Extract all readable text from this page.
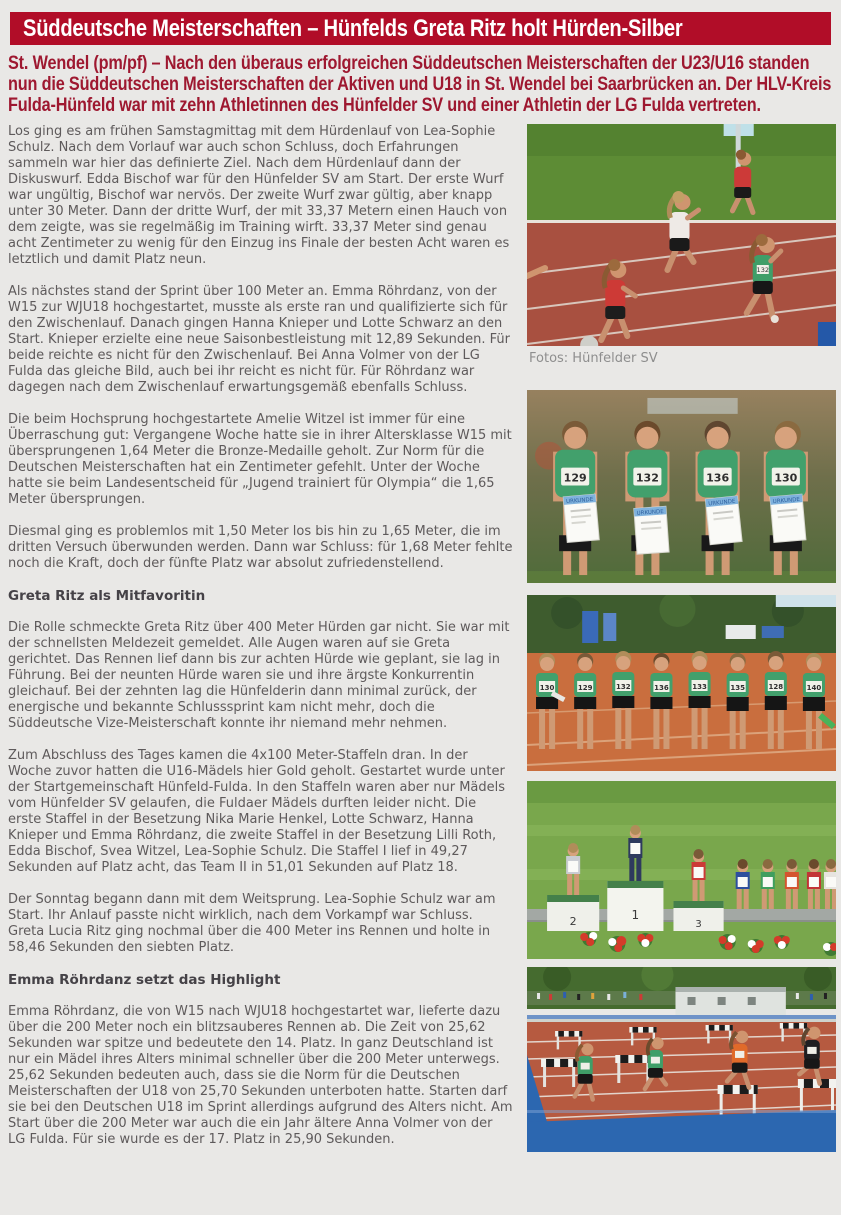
Süddeutsche Meisterschaften – Hünfelds Greta Ritz holt Hürden-Silber
St. Wendel (pm/pf) – Nach den überaus erfolgreichen Süddeutschen Meisterschaften der U23/U16 standen nun die Süddeutschen Meisterschaften der Aktiven und U18 in St. Wendel bei Saarbrücken an. Der HLV-Kreis Fulda-Hünfeld war mit zehn Athletinnen des Hünfelder SV und einer Athletin der LG Fulda vertreten.
132
Fotos: Hünfelder SV
129
URKUNDE
132
URKUNDE
136
URKUNDE
130
URKUNDE
130	129	132	136	133	135	128	140
2	1
3

Los ging es am frühen Samstagmittag mit dem Hürdenlauf von Lea-Sophie Schulz. Nach dem Vorlauf war auch schon Schluss, doch Erfahrungen sammeln war hier das definierte Ziel. Nach dem Hürdenlauf dann der Diskuswurf. Edda Bischof war für den Hünfelder SV am Start. Der erste Wurf war ungültig, Bischof war nervös. Der zweite Wurf zwar gültig, aber knapp unter 30 Meter. Dann der dritte Wurf, der mit 33,37 Metern einen Hauch von dem zeigte, was sie regelmäßig im Training wirft. 33,37 Meter sind genau acht Zentimeter zu wenig für den Einzug ins Finale der besten Acht waren es letztlich und damit Platz neun.

Als nächstes stand der Sprint über 100 Meter an. Emma Röhrdanz, von der W15 zur WJU18 hochgestartet, musste als erste ran und qualifizierte sich für den Zwischenlauf. Danach gingen Hanna Knieper und Lotte Schwarz an den Start. Knieper erzielte eine neue Saisonbestleistung mit 12,89 Sekunden. Für beide reichte es nicht für den Zwischenlauf. Bei Anna Volmer von der LG Fulda das gleiche Bild, auch bei ihr reicht es nicht für. Für Röhrdanz war dagegen nach dem Zwischenlauf erwartungsgemäß ebenfalls Schluss.

Die beim Hochsprung hochgestartete Amelie Witzel ist immer für eine Überraschung gut: Vergangene Woche hatte sie in ihrer Altersklasse W15 mit übersprungenen 1,64 Meter die Bronze-Medaille geholt. Zur Norm für die Deutschen Meisterschaften hat ein Zentimeter gefehlt. Unter der Woche hatte sie beim Landesentscheid für „Jugend trainiert für Olympia“ die 1,65 Meter übersprungen.

Diesmal ging es problemlos mit 1,50 Meter los bis hin zu 1,65 Meter, die im dritten Versuch überwunden werden. Dann war Schluss: für 1,68 Meter fehlte noch die Kraft, doch der fünfte Platz war absolut zufriedenstellend.

Greta Ritz als Mitfavoritin

Die Rolle schmeckte Greta Ritz über 400 Meter Hürden gar nicht. Sie war mit der schnellsten Meldezeit gemeldet. Alle Augen waren auf sie Greta gerichtet. Das Rennen lief dann bis zur achten Hürde wie geplant, sie lag in Führung. Bei der neunten Hürde waren sie und ihre ärgste Konkurrentin gleichauf. Bei der zehnten lag die Hünfelderin dann minimal zurück, der energische und bekannte Schlusssprint kam nicht mehr, doch die Süddeutsche Vize-Meisterschaft konnte ihr niemand mehr nehmen.

Zum Abschluss des Tages kamen die 4x100 Meter-Staffeln dran. In der Woche zuvor hatten die U16-Mädels hier Gold geholt. Gestartet wurde unter der Startgemeinschaft Hünfeld-Fulda. In den Staffeln waren aber nur Mädels vom Hünfelder SV gelaufen, die Fuldaer Mädels durften leider nicht. Die erste Staffel in der Besetzung Nika Marie Henkel, Lotte Schwarz, Hanna Knieper und Emma Röhrdanz, die zweite Staffel in der Besetzung Lilli Roth, Edda Bischof, Svea Witzel, Lea-Sophie Schulz. Die Staffel I lief in 49,27 Sekunden auf Platz acht, das Team II in 51,01 Sekunden auf Platz 18.

Der Sonntag begann dann mit dem Weitsprung. Lea-Sophie Schulz war am Start. Ihr Anlauf passte nicht wirklich, nach dem Vorkampf war Schluss. Greta Lucia Ritz ging nochmal über die 400 Meter ins Rennen und holte in 58,46 Sekunden den siebten Platz.

Emma Röhrdanz setzt das Highlight

Emma Röhrdanz, die von W15 nach WJU18 hochgestartet war, lieferte dazu über die 200 Meter noch ein blitzsauberes Rennen ab. Die Zeit von 25,62 Sekunden war spitze und bedeutete den 14. Platz. In ganz Deutschland ist nur ein Mädel ihres Alters minimal schneller über die 200 Meter unterwegs. 25,62 Sekunden bedeuten auch, dass sie die Norm für die Deutschen Meisterschaften der U18 von 25,70 Sekunden unterboten hatte. Starten darf sie bei den Deutschen U18 im Sprint allerdings aufgrund des Alters nicht. Am Start über die 200 Meter war auch die ein Jahr ältere Anna Volmer von der LG Fulda. Für sie wurde es der 17. Platz in 25,90 Sekunden.
